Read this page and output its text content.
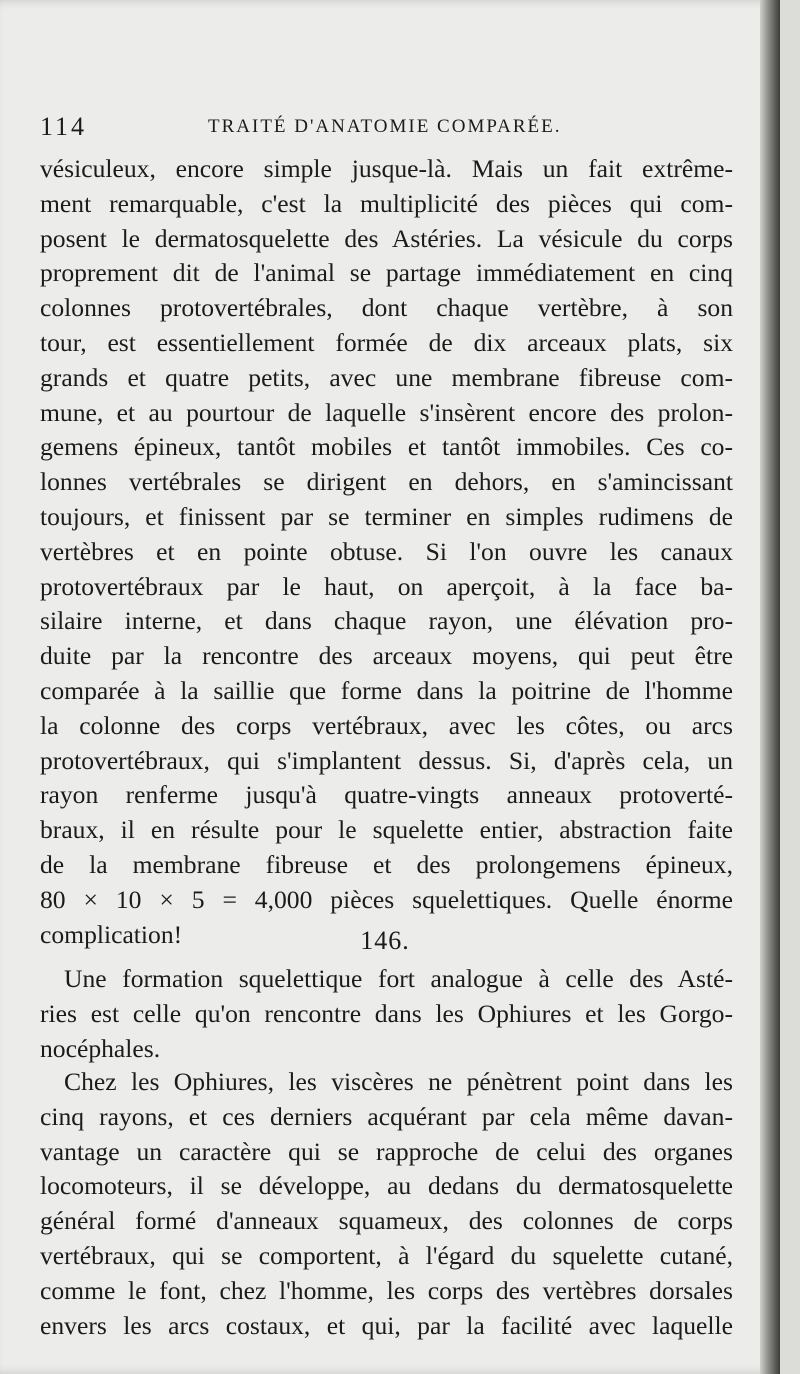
114	TRAITÉ D'ANATOMIE COMPARÉE.
vésiculeux, encore simple jusque-là. Mais un fait extrême-
ment remarquable, c'est la multiplicité des pièces qui com-
posent le dermatosquelette des Astéries. La vésicule du corps
proprement dit de l'animal se partage immédiatement en cinq
colonnes protovertébrales, dont chaque vertèbre, à son
tour, est essentiellement formée de dix arceaux plats, six
grands et quatre petits, avec une membrane fibreuse com-
mune, et au pourtour de laquelle s'insèrent encore des prolon-
gemens épineux, tantôt mobiles et tantôt immobiles. Ces co-
lonnes vertébrales se dirigent en dehors, en s'amincissant
toujours, et finissent par se terminer en simples rudimens de
vertèbres et en pointe obtuse. Si l'on ouvre les canaux
protovertébraux par le haut, on aperçoit, à la face ba-
silaire interne, et dans chaque rayon, une élévation pro-
duite par la rencontre des arceaux moyens, qui peut être
comparée à la saillie que forme dans la poitrine de l'homme
la colonne des corps vertébraux, avec les côtes, ou arcs
protovertébraux, qui s'implantent dessus. Si, d'après cela, un
rayon renferme jusqu'à quatre-vingts anneaux protoverté-
braux, il en résulte pour le squelette entier, abstraction faite
de la membrane fibreuse et des prolongemens épineux,
80 × 10 × 5 = 4,000 pièces squelettiques. Quelle énorme
complication!	146.
Une formation squelettique fort analogue à celle des Asté-
ries est celle qu'on rencontre dans les Ophiures et les Gorgo-
nocéphales.
Chez les Ophiures, les viscères ne pénètrent point dans les
cinq rayons, et ces derniers acquérant par cela même davan-
vantage un caractère qui se rapproche de celui des organes
locomoteurs, il se développe, au dedans du dermatosquelette
général formé d'anneaux squameux, des colonnes de corps
vertébraux, qui se comportent, à l'égard du squelette cutané,
comme le font, chez l'homme, les corps des vertèbres dorsales
envers les arcs costaux, et qui, par la facilité avec laquelle
